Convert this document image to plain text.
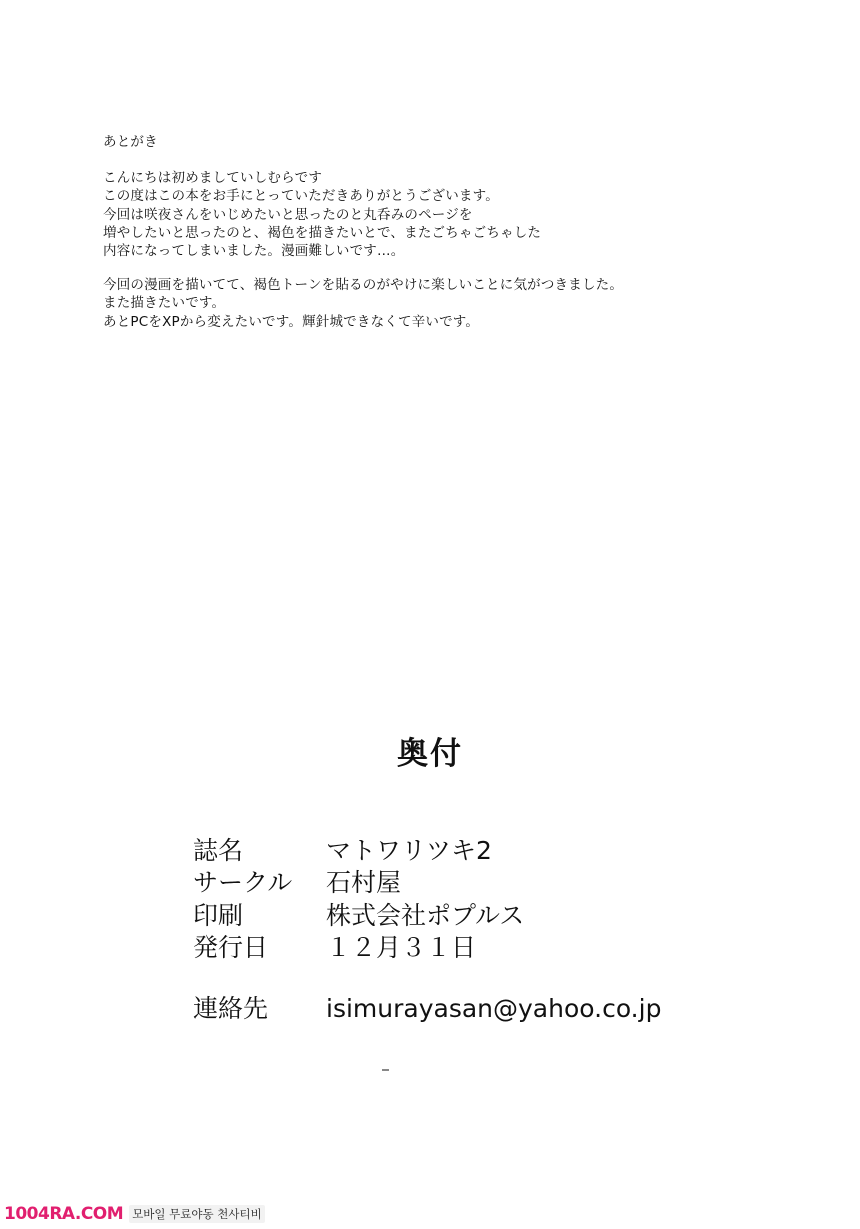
あとがき
こんにちは初めましていしむらです
この度はこの本をお手にとっていただきありがとうございます。
今回は咲夜さんをいじめたいと思ったのと丸呑みのページを
増やしたいと思ったのと、褐色を描きたいとで、またごちゃごちゃした
内容になってしまいました。漫画難しいです…。
今回の漫画を描いてて、褐色トーンを貼るのがやけに楽しいことに気がつきました。
また描きたいです。
あとPCをXPから変えたいです。輝針城できなくて辛いです。
奥付
誌名	マトワリツキ2
サークル 石村屋
印刷	株式会社ポプルス
発行日 １２月３１日
連絡先 isimurayasan@yahoo.co.jp
1004RA.COM 모바일 무료야동 천사티비
